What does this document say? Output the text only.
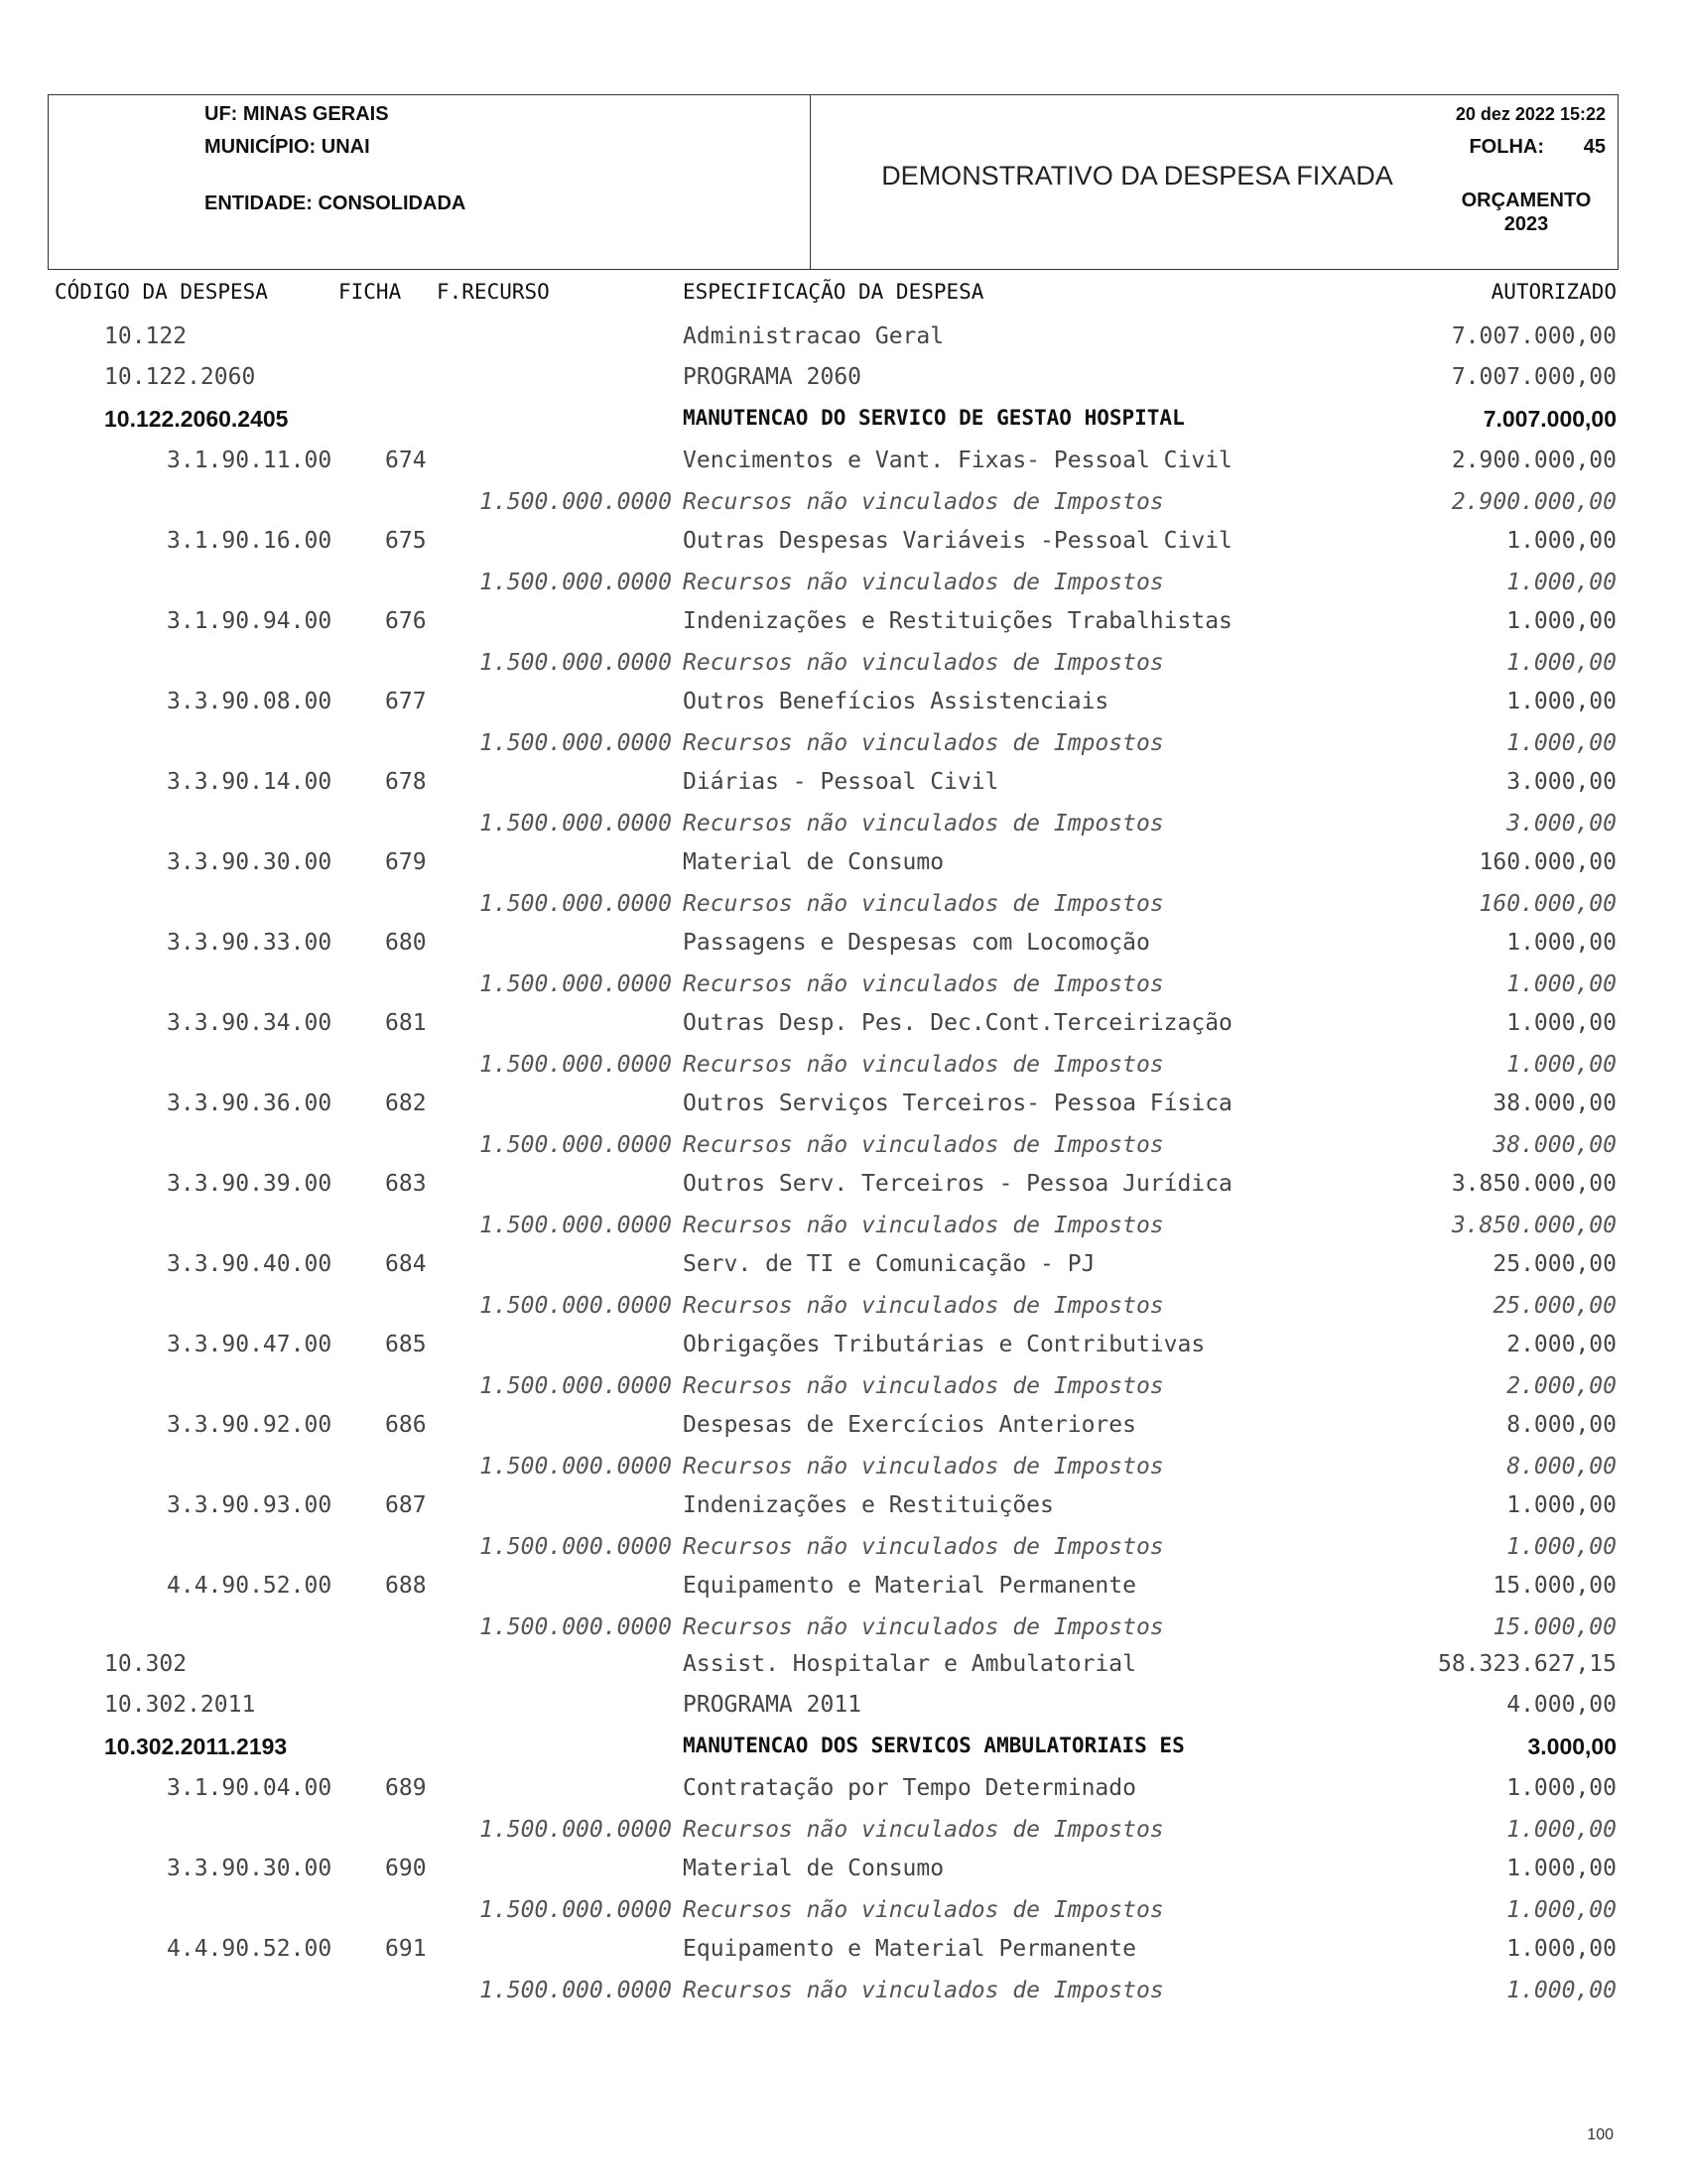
UF: MINAS GERAIS
MUNICÍPIO: UNAI
ENTIDADE: CONSOLIDADA
DEMONSTRATIVO DA DESPESA FIXADA
20 dez 2022 15:22
FOLHA: 45
ORÇAMENTO
2023
CÓDIGO DA DESPESA	FICHA F.RECURSO	ESPECIFICAÇÃO DA DESPESA	AUTORIZADO
10.122	Administracao Geral	7.007.000,00
10.122.2060	PROGRAMA 2060	7.007.000,00
10.122.2060.2405	MANUTENCAO DO SERVICO DE GESTAO HOSPITAL	7.007.000,00
3.1.90.11.00 674	Vencimentos e Vant. Fixas- Pessoal Civil	2.900.000,00
1.500.000.0000 Recursos não vinculados de Impostos	2.900.000,00
3.1.90.16.00 675	Outras Despesas Variáveis -Pessoal Civil	1.000,00
1.500.000.0000 Recursos não vinculados de Impostos	1.000,00
3.1.90.94.00 676	Indenizações e Restituições Trabalhistas	1.000,00
1.500.000.0000 Recursos não vinculados de Impostos	1.000,00
3.3.90.08.00 677	Outros Benefícios Assistenciais	1.000,00
1.500.000.0000 Recursos não vinculados de Impostos	1.000,00
3.3.90.14.00 678	Diárias - Pessoal Civil	3.000,00
1.500.000.0000 Recursos não vinculados de Impostos	3.000,00
3.3.90.30.00 679	Material de Consumo	160.000,00
1.500.000.0000 Recursos não vinculados de Impostos	160.000,00
3.3.90.33.00 680	Passagens e Despesas com Locomoção	1.000,00
1.500.000.0000 Recursos não vinculados de Impostos	1.000,00
3.3.90.34.00 681	Outras Desp. Pes. Dec.Cont.Terceirização	1.000,00
1.500.000.0000 Recursos não vinculados de Impostos	1.000,00
3.3.90.36.00 682	Outros Serviços Terceiros- Pessoa Física	38.000,00
1.500.000.0000 Recursos não vinculados de Impostos	38.000,00
3.3.90.39.00 683	Outros Serv. Terceiros - Pessoa Jurídica	3.850.000,00
1.500.000.0000 Recursos não vinculados de Impostos	3.850.000,00
3.3.90.40.00 684	Serv. de TI e Comunicação - PJ	25.000,00
1.500.000.0000 Recursos não vinculados de Impostos	25.000,00
3.3.90.47.00 685	Obrigações Tributárias e Contributivas	2.000,00
1.500.000.0000 Recursos não vinculados de Impostos	2.000,00
3.3.90.92.00 686	Despesas de Exercícios Anteriores	8.000,00
1.500.000.0000 Recursos não vinculados de Impostos	8.000,00
3.3.90.93.00 687	Indenizações e Restituições	1.000,00
1.500.000.0000 Recursos não vinculados de Impostos	1.000,00
4.4.90.52.00 688	Equipamento e Material Permanente	15.000,00
1.500.000.0000 Recursos não vinculados de Impostos	15.000,00
10.302	Assist. Hospitalar e Ambulatorial	58.323.627,15
10.302.2011	PROGRAMA 2011	4.000,00
10.302.2011.2193	MANUTENCAO DOS SERVICOS AMBULATORIAIS ES	3.000,00
3.1.90.04.00 689	Contratação por Tempo Determinado	1.000,00
1.500.000.0000 Recursos não vinculados de Impostos	1.000,00
3.3.90.30.00 690	Material de Consumo	1.000,00
1.500.000.0000 Recursos não vinculados de Impostos	1.000,00
4.4.90.52.00 691	Equipamento e Material Permanente	1.000,00
1.500.000.0000 Recursos não vinculados de Impostos	1.000,00
100
